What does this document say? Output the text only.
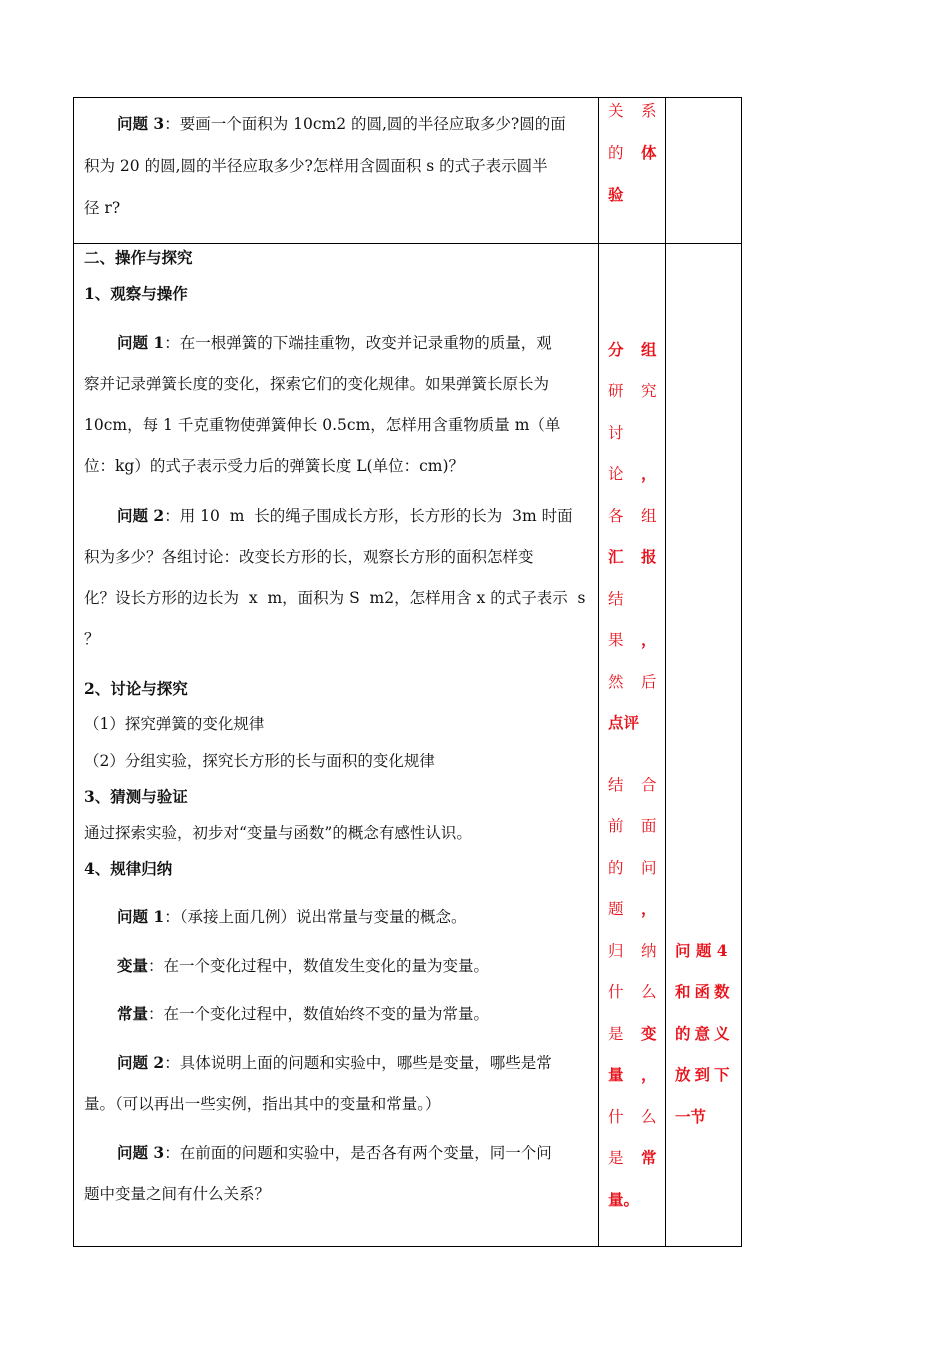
问题 3：要画一个面积为 10cm2 的圆,圆的半径应取多少?圆的面
积为 20 的圆,圆的半径应取多少?怎样用含圆面积 s 的式子表示圆半
径 r?
关 系
的 体
验
二、操作与探究
1、观察与操作
问题 1：在一根弹簧的下端挂重物，改变并记录重物的质量，观
察并记录弹簧长度的变化，探索它们的变化规律。如果弹簧长原长为
10cm，每 1 千克重物使弹簧伸长 0.5cm，怎样用含重物质量 m（单
位：kg）的式子表示受力后的弹簧长度 L(单位：cm)？
问题 2：用 10  m  长的绳子围成长方形，长方形的长为  3m 时面
积为多少？各组讨论：改变长方形的长，观察长方形的面积怎样变
化？设长方形的边长为  x  m，面积为 S  m2，怎样用含 x 的式子表示  s
？
2、讨论与探究
（1）探究弹簧的变化规律
（2）分组实验，探究长方形的长与面积的变化规律
3、猜测与验证
通过探索实验，初步对“变量与函数”的概念有感性认识。
4、规律归纳
问题 1：（承接上面几例）说出常量与变量的概念。
变量：在一个变化过程中，数值发生变化的量为变量。
常量：在一个变化过程中，数值始终不变的量为常量。
问题 2：具体说明上面的问题和实验中，哪些是变量，哪些是常
量。（可以再出一些实例，指出其中的变量和常量。）
问题 3：在前面的问题和实验中，是否各有两个变量，同一个问
题中变量之间有什么关系？
分 组
研 究
讨
论 ，
各 组
汇 报
结
果 ，
然 后
点评
结 合
前 面
的 问
题 ，
归 纳
什 么
是 变
量 ，
什 么
是 常
量。
问 题 4
和函数
的意义
放到下
一节
